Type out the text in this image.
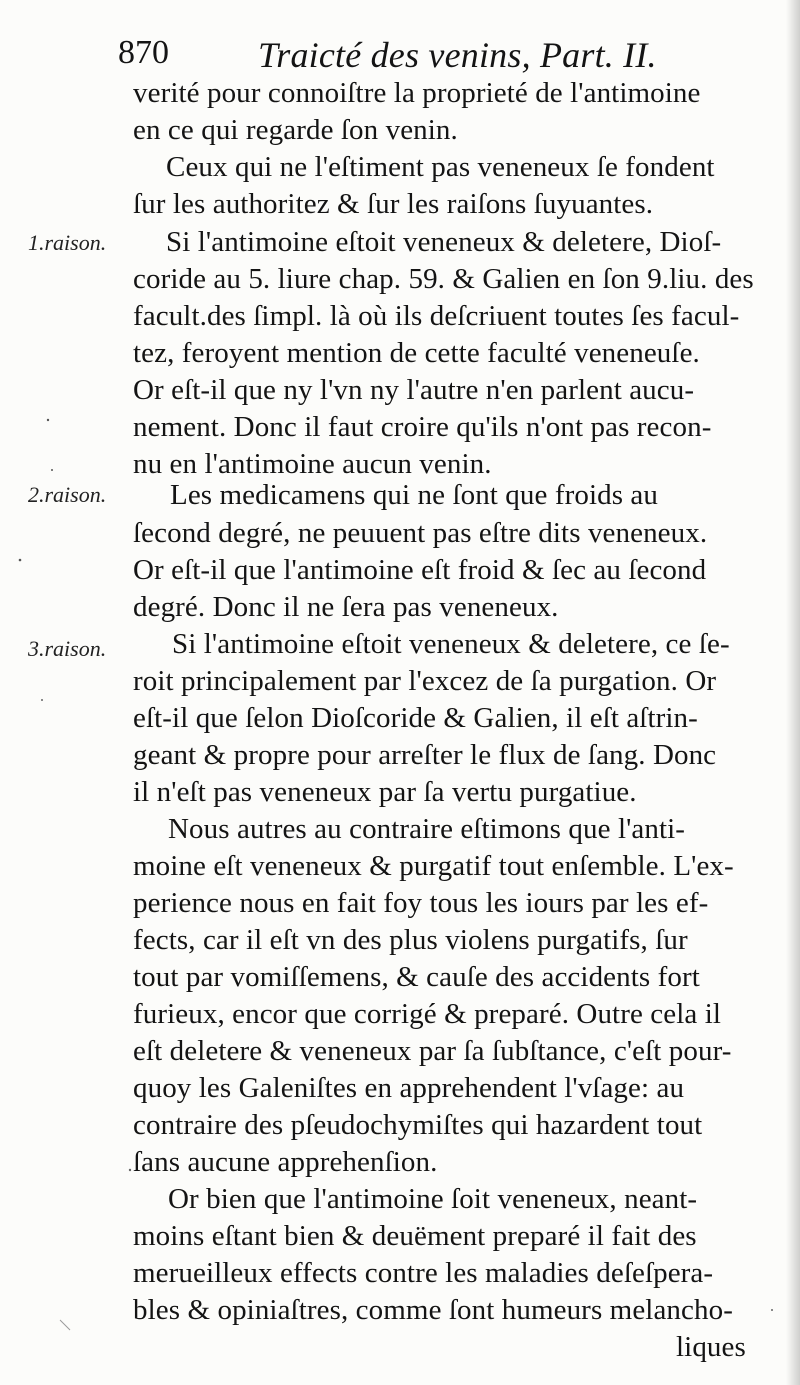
870 Traicté des venins, Part. II.
1.raison.
2.raison.
3.raison.
verité pour connoiſtre la proprieté de l'antimoine
en ce qui regarde ſon venin.
Ceux qui ne l'eſtiment pas veneneux ſe fondent
ſur les authoritez & ſur les raiſons ſuyuantes.
Si l'antimoine eſtoit veneneux & deletere, Dioſ-
coride au 5. liure chap. 59. & Galien en ſon 9.liu. des
facult.des ſimpl. là où ils deſcriuent toutes ſes facul-
tez, feroyent mention de cette faculté veneneuſe.
Or eſt-il que ny l'vn ny l'autre n'en parlent aucu-
nement. Donc il faut croire qu'ils n'ont pas recon-
nu en l'antimoine aucun venin.
Les medicamens qui ne ſont que froids au
ſecond degré, ne peuuent pas eſtre dits veneneux.
Or eſt-il que l'antimoine eſt froid & ſec au ſecond
degré. Donc il ne ſera pas veneneux.
Si l'antimoine eſtoit veneneux & deletere, ce ſe-
roit principalement par l'excez de ſa purgation. Or
eſt-il que ſelon Dioſcoride & Galien, il eſt aſtrin-
geant & propre pour arreſter le flux de ſang. Donc
il n'eſt pas veneneux par ſa vertu purgatiue.
Nous autres au contraire eſtimons que l'anti-
moine eſt veneneux & purgatif tout enſemble. L'ex-
perience nous en fait foy tous les iours par les ef-
fects, car il eſt vn des plus violens purgatifs, ſur
tout par vomiſſemens, & cauſe des accidents fort
furieux, encor que corrigé & preparé. Outre cela il
eſt deletere & veneneux par ſa ſubſtance, c'eſt pour-
quoy les Galeniſtes en apprehendent l'vſage: au
contraire des pſeudochymiſtes qui hazardent tout
ſans aucune apprehenſion.
Or bien que l'antimoine ſoit veneneux, neant-
moins eſtant bien & deuëment preparé il fait des
merueilleux effects contre les maladies deſeſpera-
bles & opiniaſtres, comme ſont humeurs melancho-
liques
